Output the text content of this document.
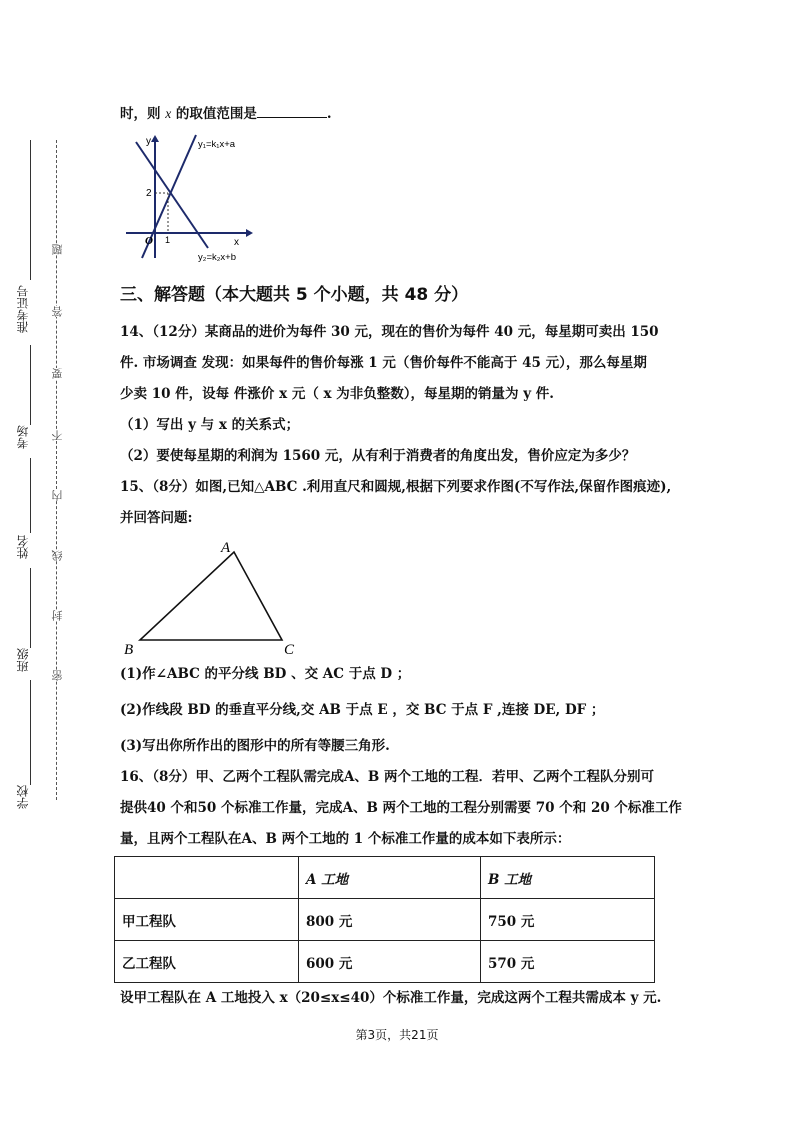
准考证号
考场
姓名
班级
学校
题
答
要
不
内
线
封
密
时，则 x 的取值范围是	.
y
x
O 1
2
y₁=k₁x+a
y₂=k₂x+b
三、解答题（本大题共 5 个小题，共 48 分）
14、（12分）某商品的进价为每件 30 元，现在的售价为每件 40 元，每星期可卖出 150
件. 市场调查 发现：如果每件的售价每涨 1 元（售价每件不能高于 45 元），那么每星期
少卖 10 件，设每 件涨价 x 元（ x 为非负整数），每星期的销量为 y 件.
（1）写出 y 与 x 的关系式；
（2）要使每星期的利润为 1560 元，从有利于消费者的角度出发，售价应定为多少？
15、（8分）如图,已知△ABC .利用直尺和圆规,根据下列要求作图(不写作法,保留作图痕迹),
并回答问题:
A
B	C
(1)作∠ABC 的平分线 BD 、交 AC 于点 D ；
(2)作线段 BD 的垂直平分线,交 AB 于点 E ，交 BC 于点 F ,连接 DE, DF ；
(3)写出你所作出的图形中的所有等腰三角形.
16、（8分）甲、乙两个工程队需完成A、B 两个工地的工程．若甲、乙两个工程队分别可
提供40 个和50 个标准工作量，完成A、B 两个工地的工程分别需要 70 个和 20 个标准工作
量，且两个工程队在A、B 两个工地的 1 个标准工作量的成本如下表所示：
	A 工地	B 工地
甲工程队	800 元	750 元
乙工程队	600 元	570 元
设甲工程队在 A 工地投入 x（20≤x≤40）个标准工作量，完成这两个工程共需成本 y 元.
第3页，共21页
